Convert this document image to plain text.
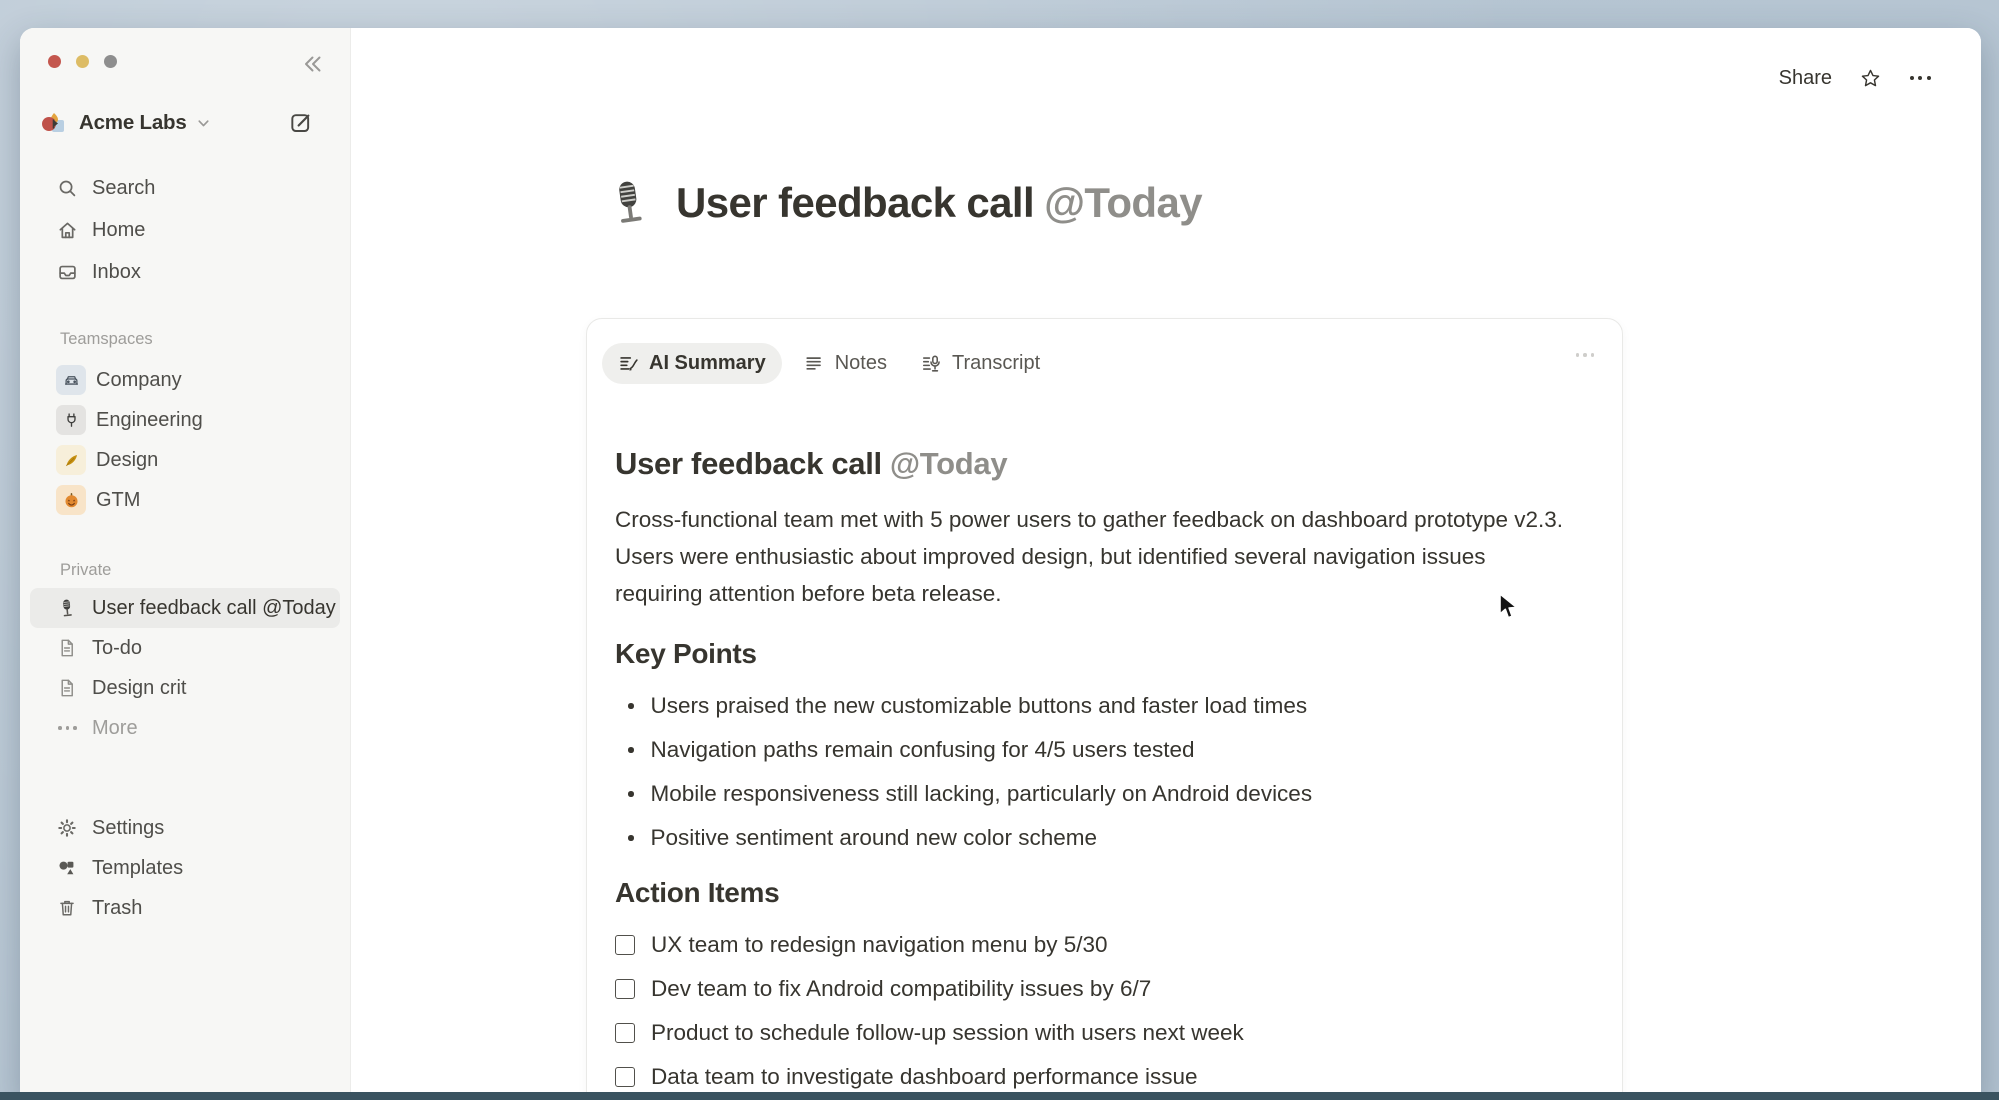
Acme Labs
Search
Home
Inbox
Teamspaces
Company
Engineering
Design
GTM
Private
User feedback call @Today
To-do
Design crit
More
Settings
Templates
Trash
Share
User feedback call @Today
AI Summary	Notes	Transcript
User feedback call @Today
Cross-functional team met with 5 power users to gather feedback on dashboard prototype v2.3. Users were enthusiastic about improved design, but identified several navigation issues requiring attention before beta release.
Key Points
Users praised the new customizable buttons and faster load times
Navigation paths remain confusing for 4/5 users tested
Mobile responsiveness still lacking, particularly on Android devices
Positive sentiment around new color scheme
Action Items
UX team to redesign navigation menu by 5/30
Dev team to fix Android compatibility issues by 6/7
Product to schedule follow-up session with users next week
Data team to investigate dashboard performance issue
